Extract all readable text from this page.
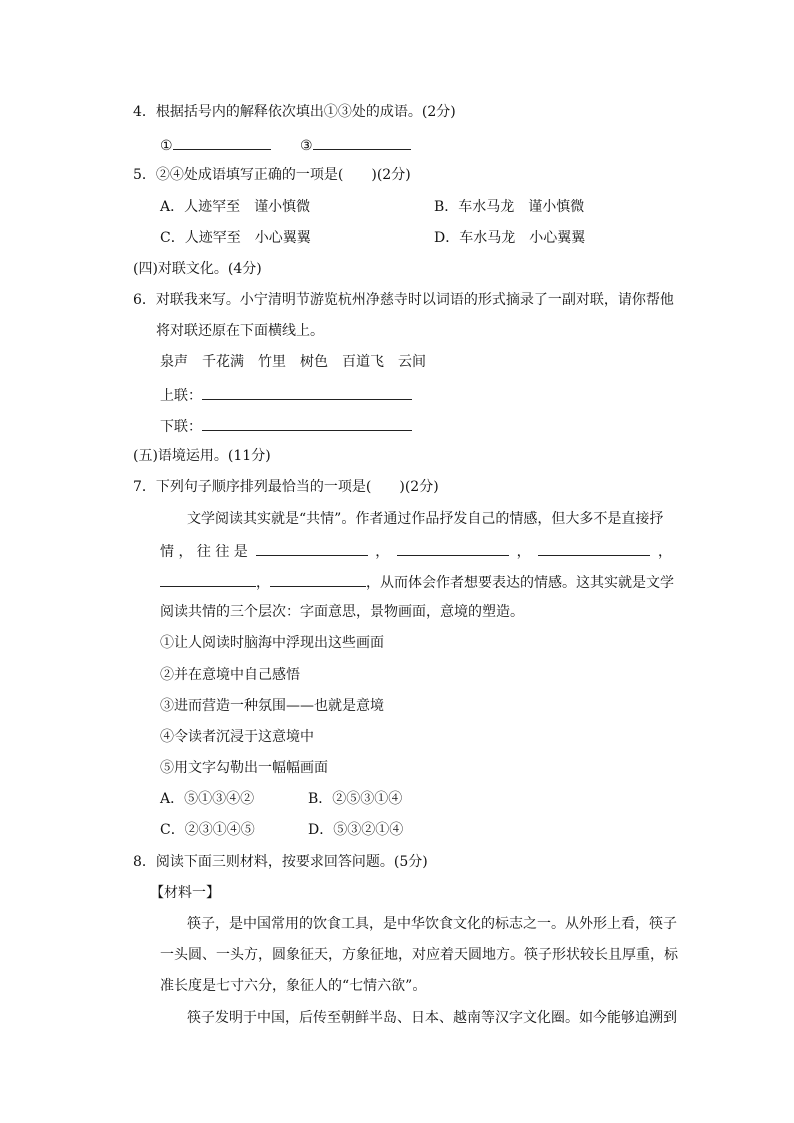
4．根据括号内的解释依次填出①③处的成语。(2分)
①	③
5．②④处成语填写正确的一项是(　　)(2分)
A．人迹罕至　谨小慎微	B．车水马龙　谨小慎微
C．人迹罕至　小心翼翼	D．车水马龙　小心翼翼
(四)对联文化。(4分)
6．对联我来写。小宁清明节游览杭州净慈寺时以词语的形式摘录了一副对联，请你帮他
将对联还原在下面横线上。
泉声　千花满　竹里　树色　百道飞　云间
上联：
下联：
(五)语境运用。(11分)
7．下列句子顺序排列最恰当的一项是(　　)(2分)
文学阅读其实就是“共情”。作者通过作品抒发自己的情感，但大多不是直接抒
情 ， 往 往 是	，	，	，
，	，从而体会作者想要表达的情感。这其实就是文学
阅读共情的三个层次：字面意思，景物画面，意境的塑造。
①让人阅读时脑海中浮现出这些画面
②并在意境中自己感悟
③进而营造一种氛围——也就是意境
④令读者沉浸于这意境中
⑤用文字勾勒出一幅幅画面
A．⑤①③④②	B．②⑤③①④
C．②③①④⑤	D．⑤③②①④
8．阅读下面三则材料，按要求回答问题。(5分)
【材料一】
筷子，是中国常用的饮食工具，是中华饮食文化的标志之一。从外形上看，筷子
一头圆、一头方，圆象征天，方象征地，对应着天圆地方。筷子形状较长且厚重，标
准长度是七寸六分，象征人的“七情六欲”。
筷子发明于中国，后传至朝鲜半岛、日本、越南等汉字文化圈。如今能够追溯到
